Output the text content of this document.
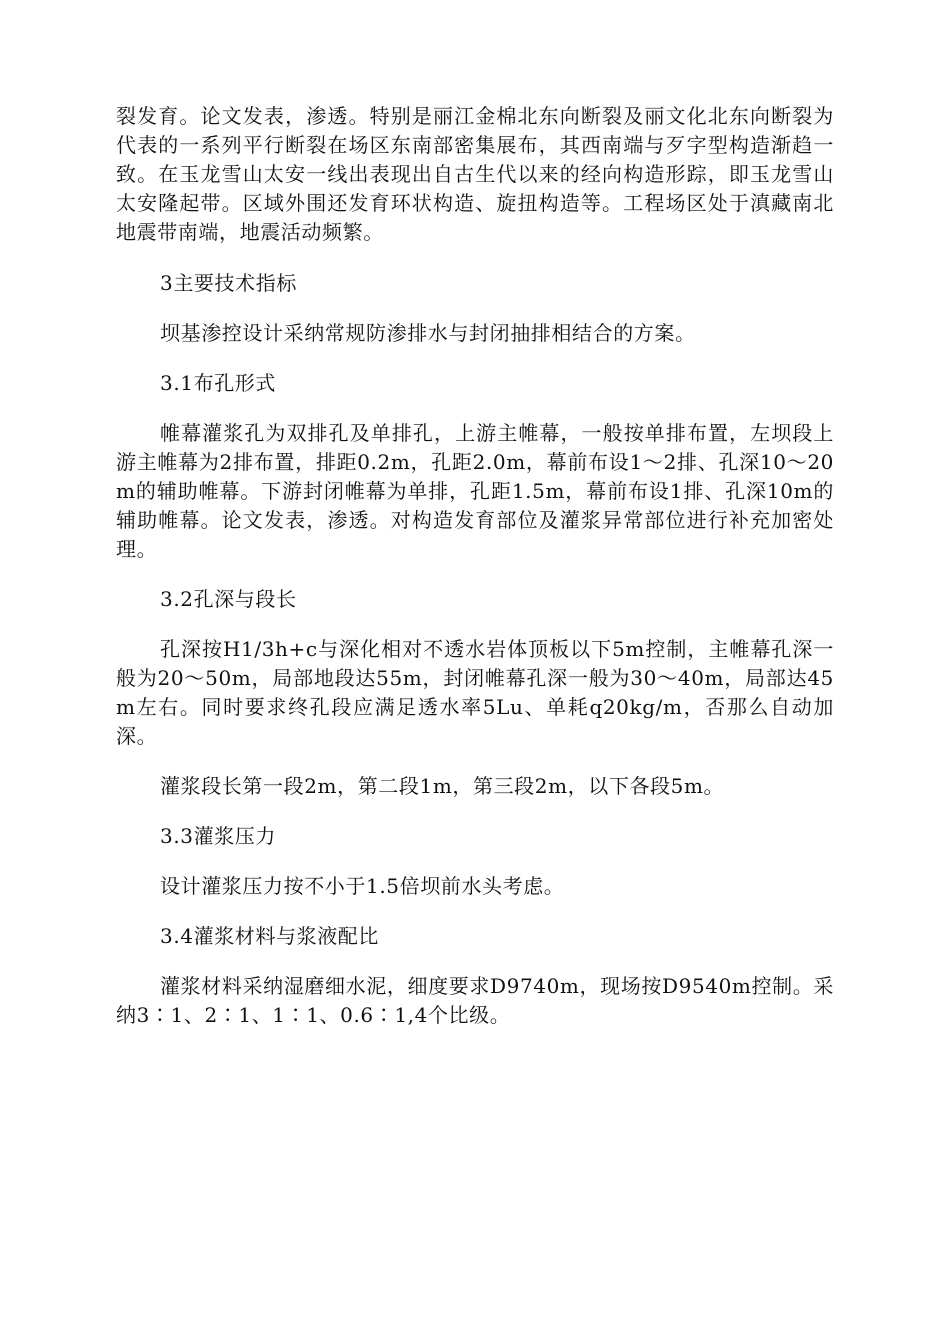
裂发育。论文发表，渗透。特别是丽江金棉北东向断裂及丽文化北东向断裂为代表的一系列平行断裂在场区东南部密集展布，其西南端与歹字型构造渐趋一致。在玉龙雪山太安一线出表现出自古生代以来的经向构造形踪，即玉龙雪山太安隆起带。区域外围还发育环状构造、旋扭构造等。工程场区处于滇藏南北地震带南端，地震活动频繁。

3主要技术指标

坝基渗控设计采纳常规防渗排水与封闭抽排相结合的方案。

3.1布孔形式

帷幕灌浆孔为双排孔及单排孔，上游主帷幕，一般按单排布置，左坝段上游主帷幕为2排布置，排距0.2m，孔距2.0m，幕前布设1～2排、孔深10～20m的辅助帷幕。下游封闭帷幕为单排，孔距1.5m，幕前布设1排、孔深10m的辅助帷幕。论文发表，渗透。对构造发育部位及灌浆异常部位进行补充加密处理。

3.2孔深与段长

孔深按H1/3h+c与深化相对不透水岩体顶板以下5m控制，主帷幕孔深一般为20～50m，局部地段达55m，封闭帷幕孔深一般为30～40m，局部达45m左右。同时要求终孔段应满足透水率5Lu、单耗q20kg/m，否那么自动加深。

灌浆段长第一段2m，第二段1m，第三段2m，以下各段5m。

3.3灌浆压力

设计灌浆压力按不小于1.5倍坝前水头考虑。

3.4灌浆材料与浆液配比

灌浆材料采纳湿磨细水泥，细度要求D9740m，现场按D9540m控制。采纳3∶1、2∶1、1∶1、0.6∶1,4个比级。
